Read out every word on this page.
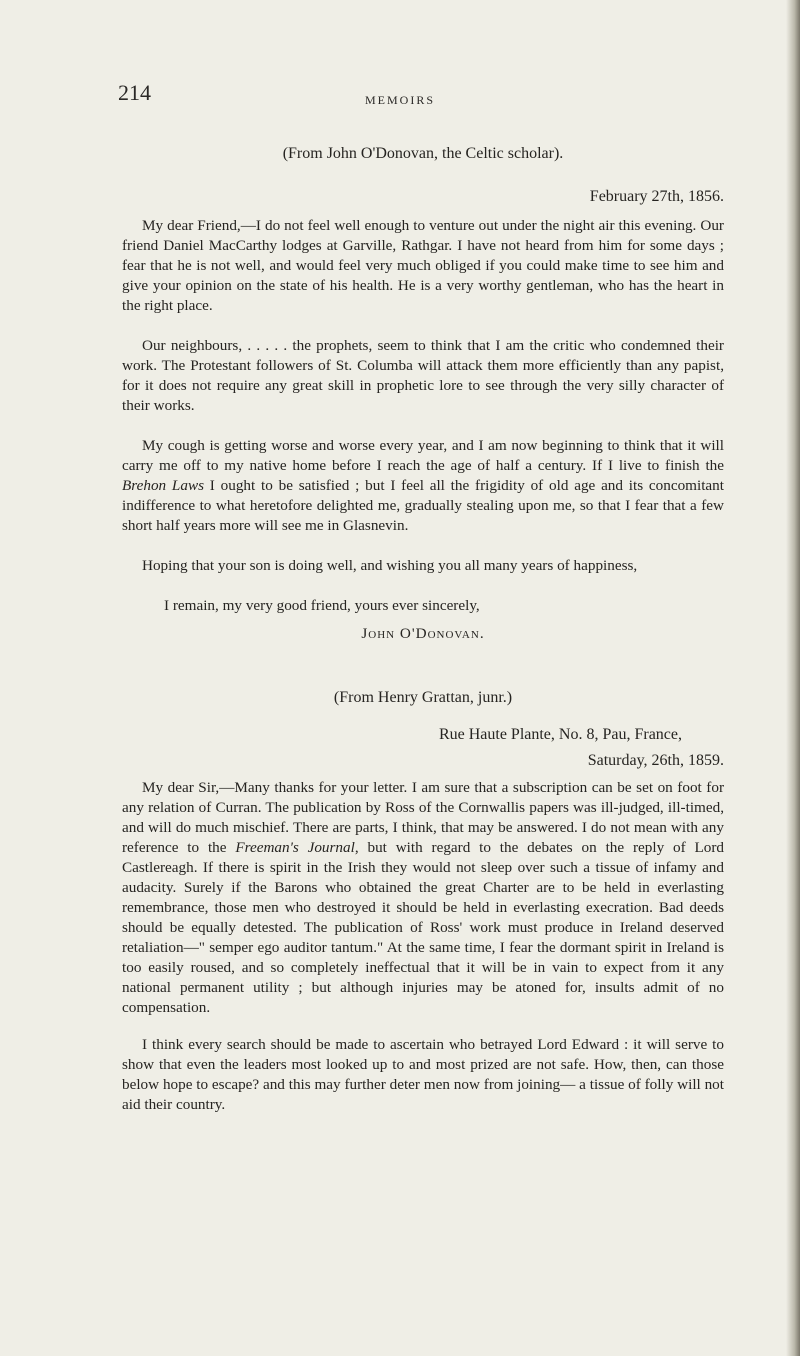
214	MEMOIRS

(From John O'Donovan, the Celtic scholar).

February 27th, 1856.

My dear Friend,—I do not feel well enough to venture out under the night air this evening. Our friend Daniel MacCarthy lodges at Garville, Rathgar. I have not heard from him for some days ; fear that he is not well, and would feel very much obliged if you could make time to see him and give your opinion on the state of his health. He is a very worthy gentleman, who has the heart in the right place.

Our neighbours, . . . . . the prophets, seem to think that I am the critic who condemned their work. The Protestant followers of St. Columba will attack them more efficiently than any papist, for it does not require any great skill in prophetic lore to see through the very silly character of their works.

My cough is getting worse and worse every year, and I am now beginning to think that it will carry me off to my native home before I reach the age of half a century. If I live to finish the Brehon Laws I ought to be satisfied ; but I feel all the frigidity of old age and its concomitant indifference to what heretofore delighted me, gradually stealing upon me, so that I fear that a few short half years more will see me in Glasnevin.

Hoping that your son is doing well, and wishing you all many years of happiness,

I remain, my very good friend, yours ever sincerely,

John O'Donovan.

(From Henry Grattan, junr.)

Rue Haute Plante, No. 8, Pau, France,

Saturday, 26th, 1859.

My dear Sir,—Many thanks for your letter. I am sure that a subscription can be set on foot for any relation of Curran. The publication by Ross of the Cornwallis papers was ill-judged, ill-timed, and will do much mischief. There are parts, I think, that may be answered. I do not mean with any reference to the Freeman's Journal, but with regard to the debates on the reply of Lord Castlereagh. If there is spirit in the Irish they would not sleep over such a tissue of infamy and audacity. Surely if the Barons who obtained the great Charter are to be held in everlasting remembrance, those men who destroyed it should be held in everlasting execration. Bad deeds should be equally detested. The publication of Ross' work must produce in Ireland deserved retaliation—" semper ego auditor tantum." At the same time, I fear the dormant spirit in Ireland is too easily roused, and so completely ineffectual that it will be in vain to expect from it any national permanent utility ; but although injuries may be atoned for, insults admit of no compensation.

I think every search should be made to ascertain who betrayed Lord Edward : it will serve to show that even the leaders most looked up to and most prized are not safe. How, then, can those below hope to escape? and this may further deter men now from joining— a tissue of folly will not aid their country.
